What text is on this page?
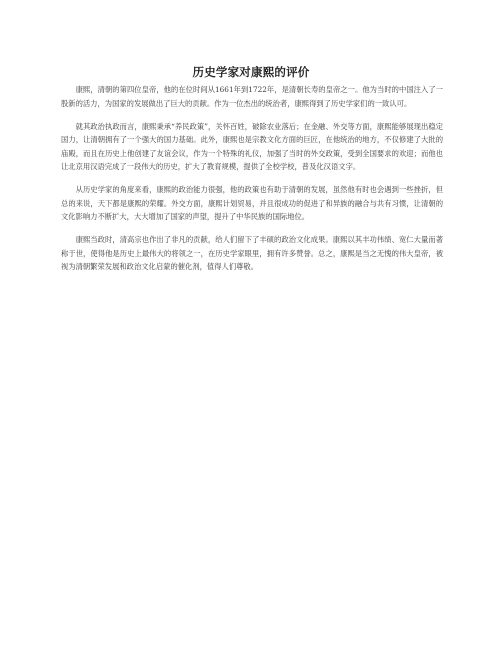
历史学家对康熙的评价

康熙，清朝的第四位皇帝，他的在位时间从1661年到1722年，是清朝长寿的皇帝之一。他为当时的中国注入了一股新的活力，为国家的发展做出了巨大的贡献。作为一位杰出的统治者，康熙得到了历史学家们的一致认可。

就其政治执政而言，康熙秉承“养民政策”，关怀百姓，破除农业落后；在金融、外交等方面，康熙能够展现出稳定国力，让清朝拥有了一个强大的国力基础。此外，康熙也是宗教文化方面的巨匠，在他统治的地方，不仅修建了大批的庙殿，而且在历史上他创建了友谊会议，作为一个特殊的礼仪，加强了当时的外交政策，受到全国要求的欢迎；而他也让北京用汉语完成了一段伟大的历史，扩大了教育规模，提供了全校学校，普及化汉语文字。

从历史学家的角度来看，康熙的政治能力很强，他的政策也有助于清朝的发展，虽然他有时也会遇到一些挫折，但总的来说，天下都是康熙的荣耀。外交方面，康熙计划贸易，并且很成功的促进了和异族的融合与共有习惯，让清朝的文化影响力不断扩大，大大增加了国家的声望，提升了中华民族的国际地位。

康熙当政时，清高宗也作出了非凡的贡献，给人们留下了丰硕的政治文化成果。康熙以其丰功伟绩、宽仁大量而著称于世，使得他是历史上最伟大的将领之一，在历史学家眼里，拥有许多赞誉。总之，康熙是当之无愧的伟大皇帝，被视为清朝繁荣发展和政治文化启蒙的催化剂，值得人们尊敬。
